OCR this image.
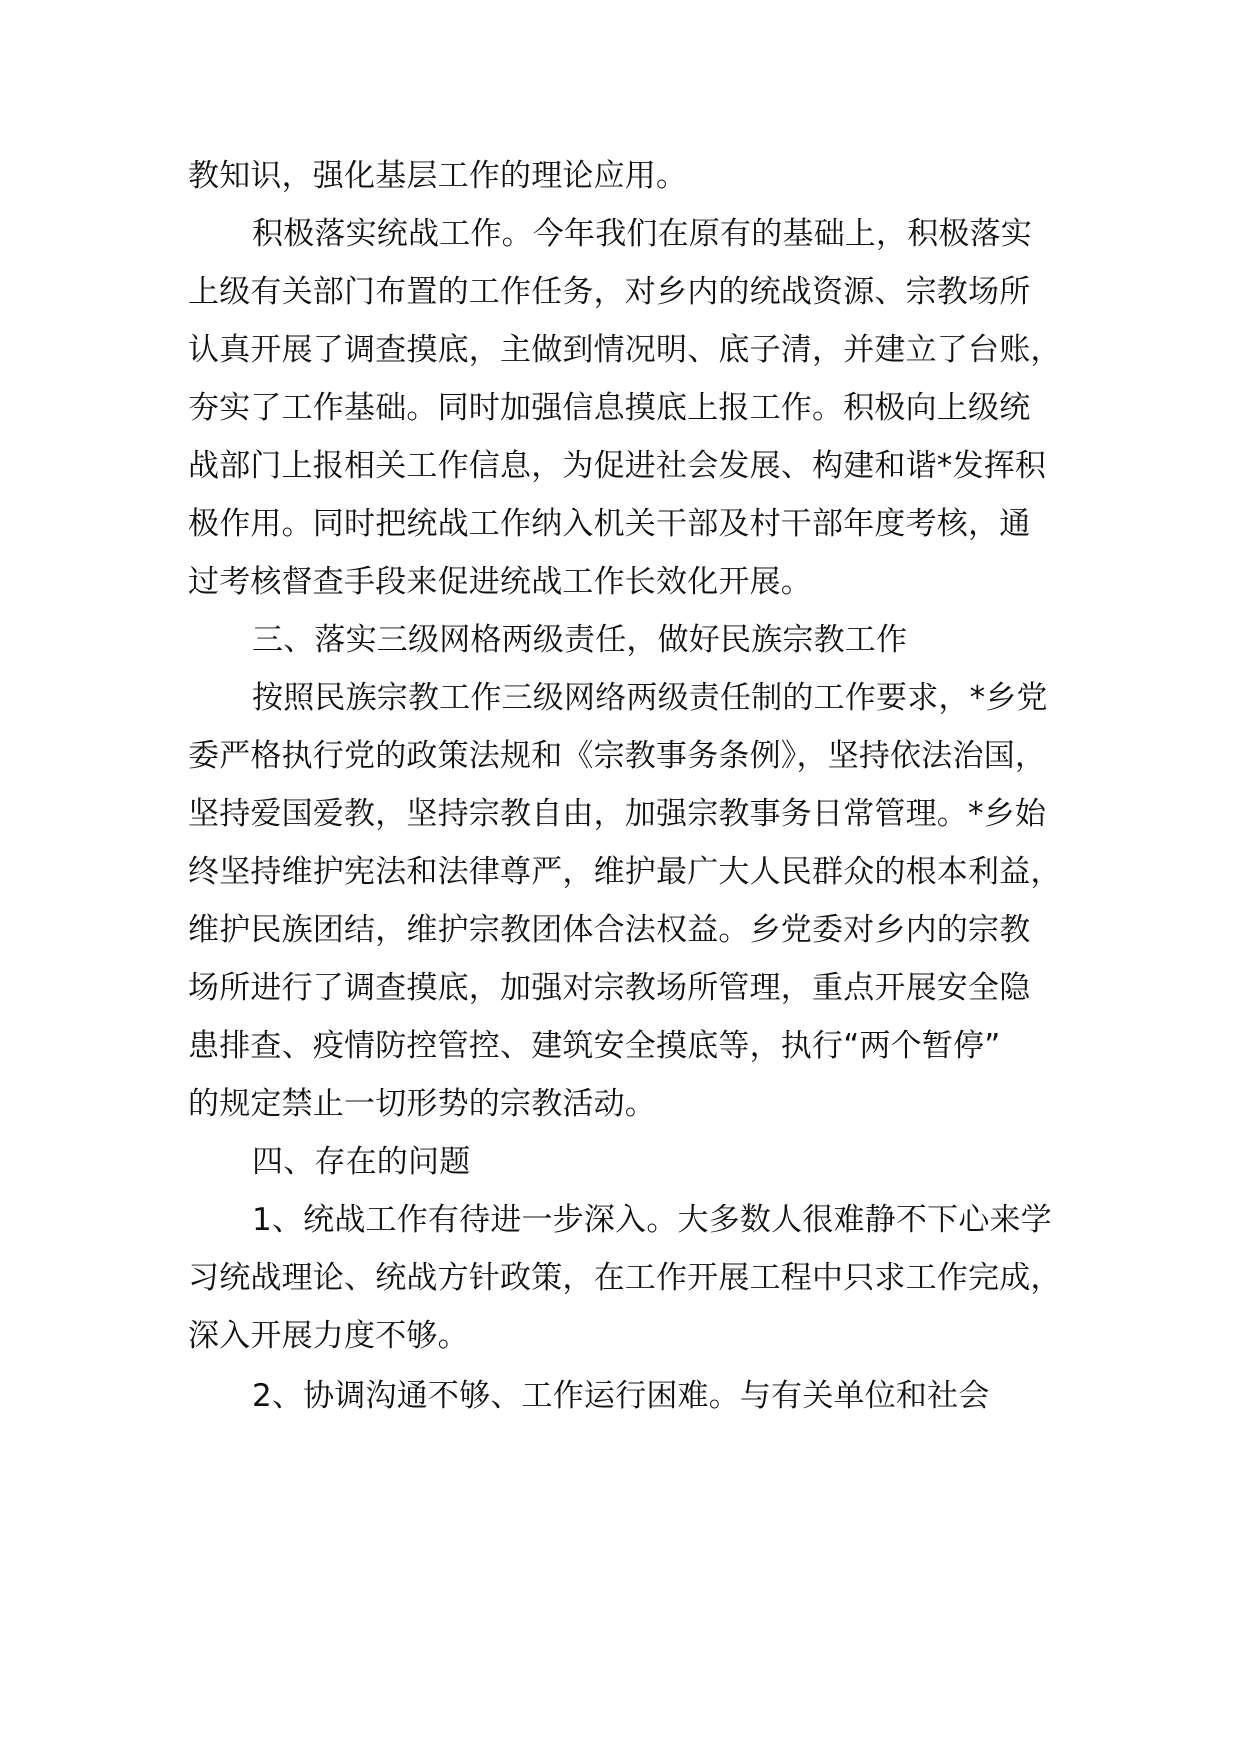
教知识，强化基层工作的理论应用。
积极落实统战工作。今年我们在原有的基础上，积极落实
上级有关部门布置的工作任务，对乡内的统战资源、宗教场所
认真开展了调查摸底，主做到情况明、底子清，并建立了台账，
夯实了工作基础。同时加强信息摸底上报工作。积极向上级统
战部门上报相关工作信息，为促进社会发展、构建和谐*发挥积
极作用。同时把统战工作纳入机关干部及村干部年度考核，通
过考核督查手段来促进统战工作长效化开展。
三、落实三级网格两级责任，做好民族宗教工作
按照民族宗教工作三级网络两级责任制的工作要求，*乡党
委严格执行党的政策法规和《宗教事务条例》，坚持依法治国，
坚持爱国爱教，坚持宗教自由，加强宗教事务日常管理。*乡始
终坚持维护宪法和法律尊严，维护最广大人民群众的根本利益，
维护民族团结，维护宗教团体合法权益。乡党委对乡内的宗教
场所进行了调查摸底，加强对宗教场所管理，重点开展安全隐
患排查、疫情防控管控、建筑安全摸底等，执行“两个暂停”
的规定禁止一切形势的宗教活动。
四、存在的问题
1、统战工作有待进一步深入。大多数人很难静不下心来学
习统战理论、统战方针政策，在工作开展工程中只求工作完成，
深入开展力度不够。
2、协调沟通不够、工作运行困难。与有关单位和社会
